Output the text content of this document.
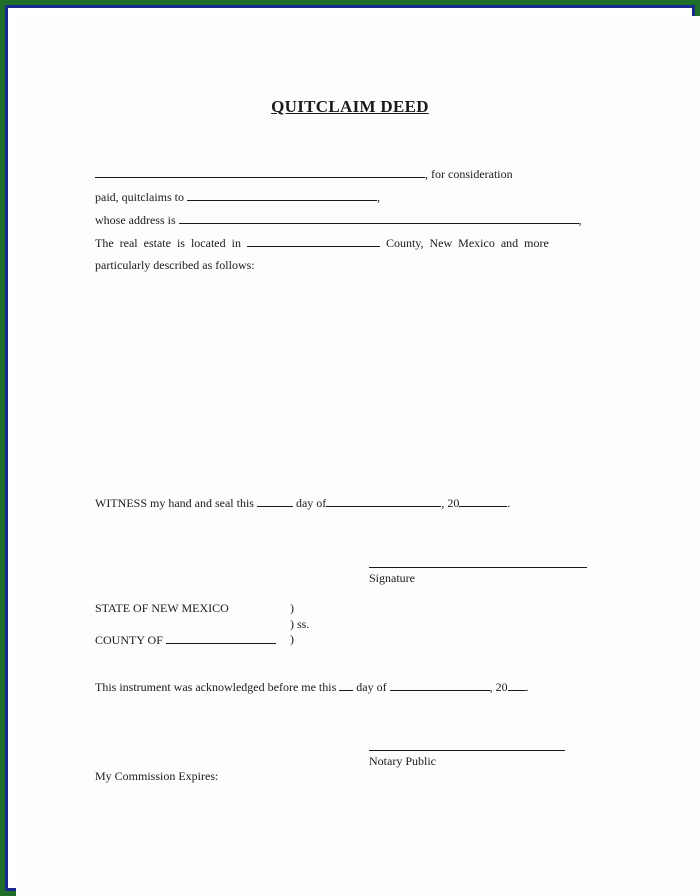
QUITCLAIM DEED
, for consideration
paid, quitclaims to	,
whose address is	,
The real estate is located in	County, New Mexico and more
particularly described as follows:
WITNESS my hand and seal this	day of	, 20	.
Signature
STATE OF NEW MEXICO	)
) ss.
COUNTY OF	)
This instrument was acknowledged before me this day of	, 20 .
Notary Public
My Commission Expires:
